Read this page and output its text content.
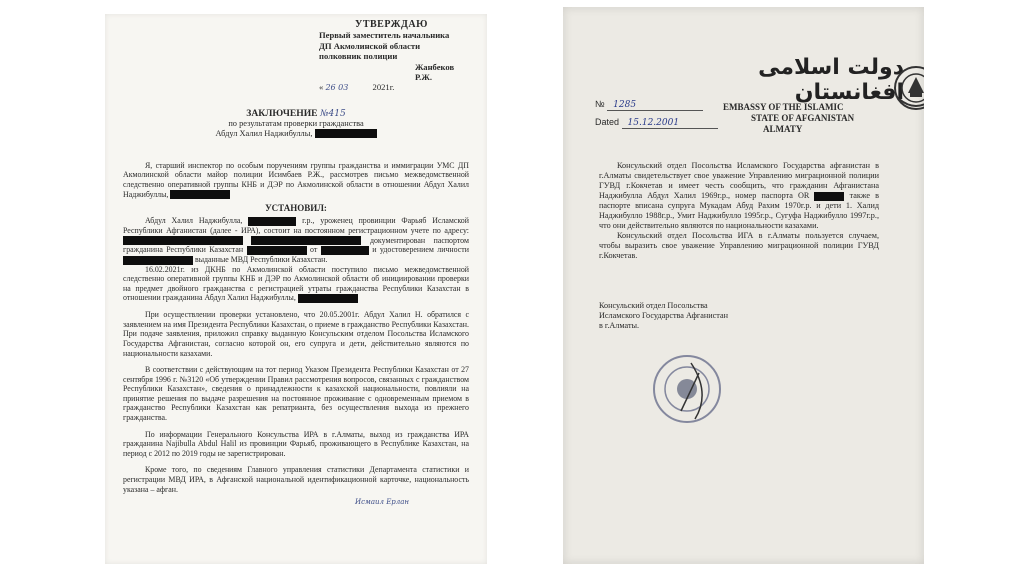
УТВЕРЖДАЮ
Первый заместитель начальника
ДП Акмолинской области
полковник полиции
Жанбеков Р.Ж.
« 26 03	2021г.
ЗАКЛЮЧЕНИЕ №415
по результатам проверки гражданства
Абдул Халил Наджибуллы,

Я, старший инспектор по особым поручениям группы гражданства и иммиграции УМС ДП Акмолинской области майор полиции Исимбаев Р.Ж., рассмотрев письмо межведомственной следственно оперативной группы КНБ и ДЭР по Акмолинской области в отношении Абдул Халил Наджибуллы,

УСТАНОВИЛ:

Абдул Халил Наджибулла,	г.р., уроженец провинции Фарьяб Исламской Республики Афганистан (далее - ИРА), состоит на постоянном регистрационном учете по адресу:   документирован паспортом гражданина Республики Казахстан	от	и удостоверением личности  выданные МВД Республики Казахстан.

16.02.2021г. из ДКНБ по Акмолинской области поступило письмо межведомственной следственно оперативной группы КНБ и ДЭР по Акмолинской области об инициировании проверки на предмет двойного гражданства с регистрацией утраты гражданства Республики Казахстан в отношении гражданина Абдул Халил Наджибуллы,

При осуществлении проверки установлено, что 20.05.2001г. Абдул Халил Н. обратился с заявлением на имя Президента Республики Казахстан, о приеме в гражданство Республики Казахстан. При подаче заявления, приложил справку выданную Консульским отделом Посольства Исламского Государства Афганистан, согласно которой он, его супруга и дети, действительно являются по национальности казахами.

В соответствии с действующим на тот период Указом Президента Республики Казахстан от 27 сентября 1996 г. №3120 «Об утверждении Правил рассмотрения вопросов, связанных с гражданством Республики Казахстан», сведения о принадлежности к казахской национальности, повлияли на принятие решения по выдаче разрешения на постоянное проживание с одновременным приемом в гражданство Республики Казахстан как репатрианта, без осуществления выхода из прежнего гражданства.

По информации Генерального Консульства ИРА в г.Алматы, выход из гражданства ИРА гражданина Najibulla Abdul Halil из провинции Фарьяб, проживающего в Республике Казахстан, на период с 2012 по 2019 годы не зарегистрирован.

Кроме того, по сведениям Главного управления статистики Департамента статистики и регистрации МВД ИРА, в Афганской национальной идентификационной карточке, национальность указана – афган.

Исмаил Ерлан
دولت اسلامی افغانستان
№ 1285
Dated 15.12.2001
EMBASSY OF THE ISLAMIC
STATE OF AFGANISTAN
ALMATY

Консульский отдел Посольства Исламского Государства афганистан в г.Алматы свидетельствует свое уважение Управлению миграционной полиции ГУВД г.Кокчетав и имеет честь сообщить, что гражданин Афганистана Наджибулла Абдул Халил 1969г.р., номер паспорта OR	также в паспорте вписана супруга Мукадам Абуд Рахим 1970г.р. и дети 1. Халид Наджибулло 1988г.р., Умит Наджибулло 1995г.р., Сугуфа Наджибулло 1997г.р., что они действительно являются по национальности казахами.

Консульский отдел Посольства ИГА в г.Алматы пользуется случаем, чтобы выразить свое уважение Управлению миграционной полиции ГУВД г.Кокчетав.

Консульский отдел Посольства
Исламского Государства Афганистан
в г.Алматы.
